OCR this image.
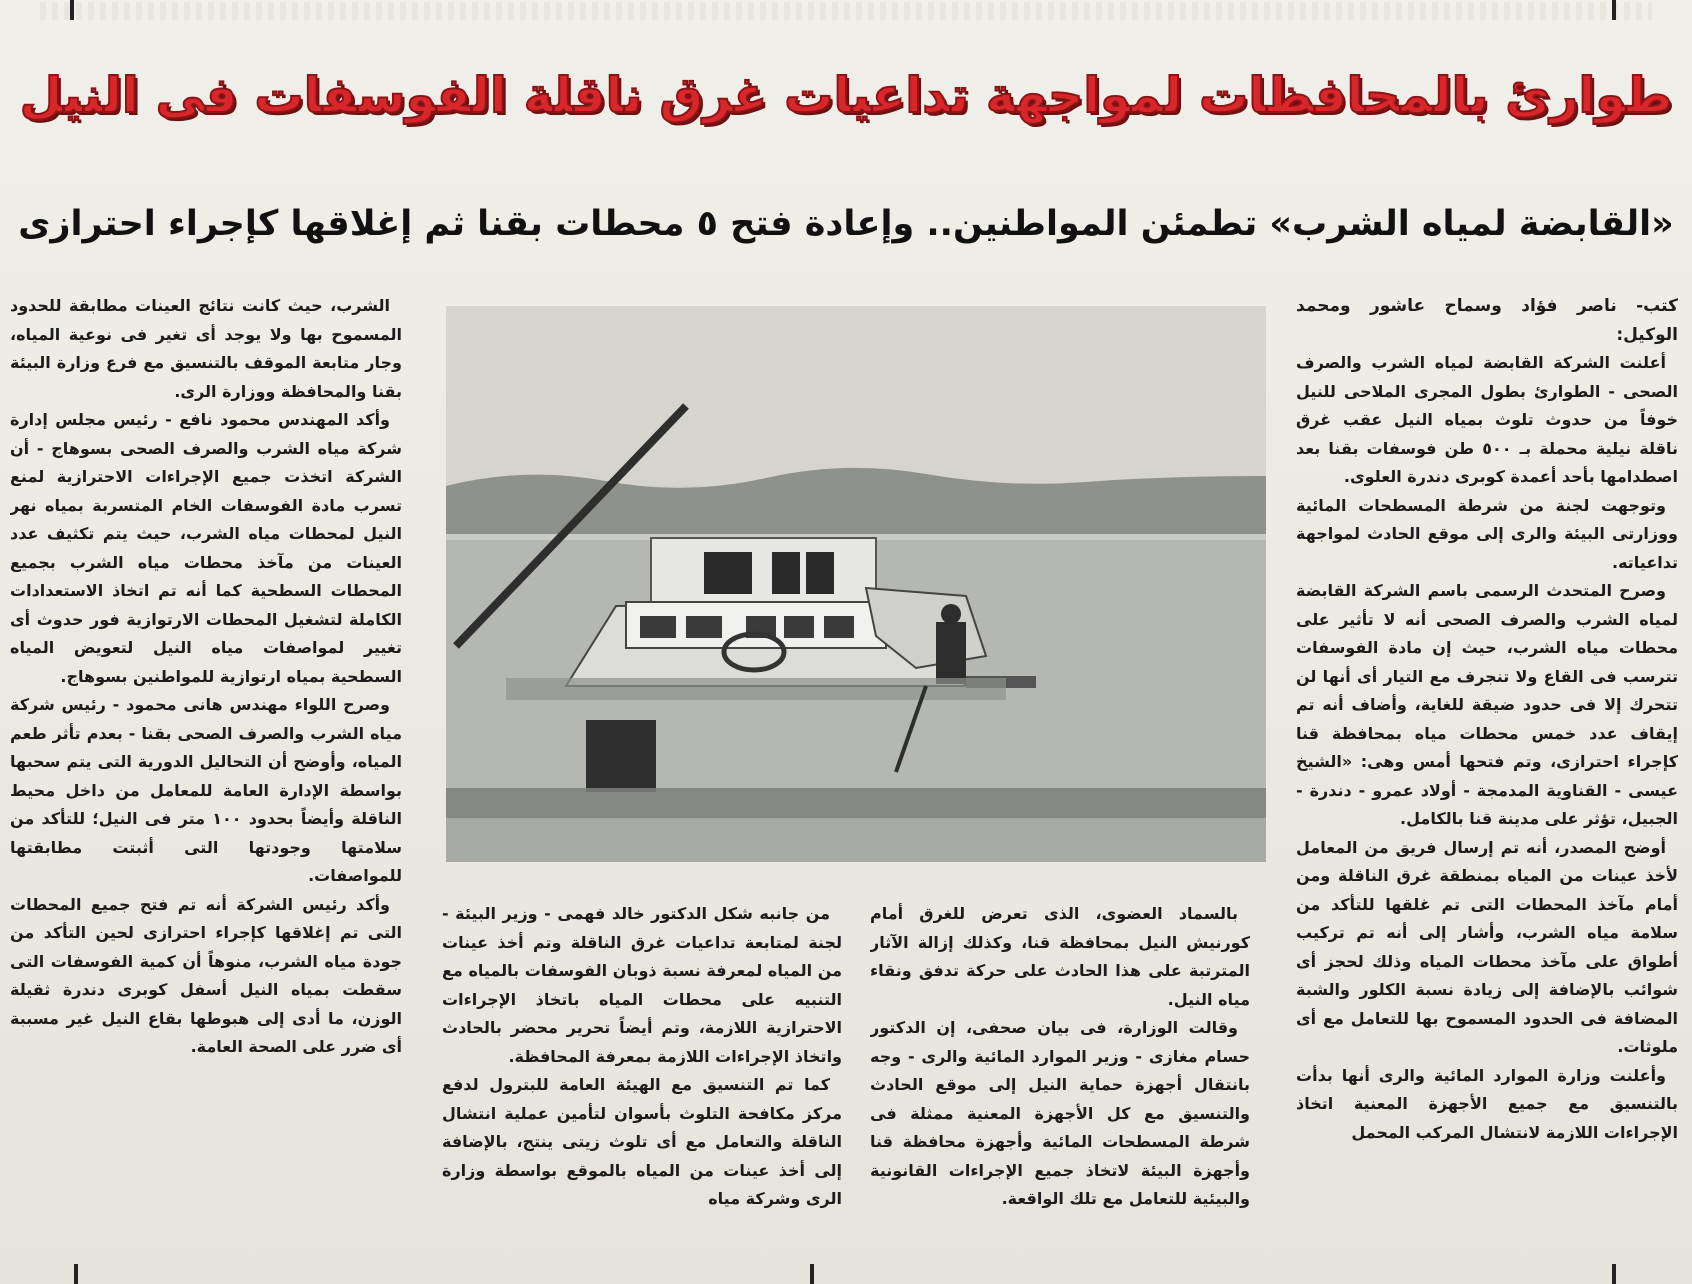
طوارئ بالمحافظات لمواجهة تداعيات غرق ناقلة الفوسفات فى النيل
«القابضة لمياه الشرب» تطمئن المواطنين.. وإعادة فتح ٥ محطات بقنا ثم إغلاقها كإجراء احترازى

كتب- ناصر فؤاد وسماح عاشور ومحمد الوكيل:

أعلنت الشركة القابضة لمياه الشرب والصرف الصحى - الطوارئ بطول المجرى الملاحى للنيل خوفاً من حدوث تلوث بمياه النيل عقب غرق ناقلة نيلية محملة بـ ٥٠٠ طن فوسفات بقنا بعد اصطدامها بأحد أعمدة كوبرى دندرة العلوى.

وتوجهت لجنة من شرطة المسطحات المائية ووزارتى البيئة والرى إلى موقع الحادث لمواجهة تداعياته.

وصرح المتحدث الرسمى باسم الشركة القابضة لمياه الشرب والصرف الصحى أنه لا تأثير على محطات مياه الشرب، حيث إن مادة الفوسفات تترسب فى القاع ولا تنجرف مع التيار أى أنها لن تتحرك إلا فى حدود ضيقة للغاية، وأضاف أنه تم إيقاف عدد خمس محطات مياه بمحافظة قنا كإجراء احترازى، وتم فتحها أمس وهى: «الشيخ عيسى - القناوية المدمجة - أولاد عمرو - دندرة - الجبيل، تؤثر على مدينة قنا بالكامل.

أوضح المصدر، أنه تم إرسال فريق من المعامل لأخذ عينات من المياه بمنطقة غرق الناقلة ومن أمام مآخذ المحطات التى تم غلقها للتأكد من سلامة مياه الشرب، وأشار إلى أنه تم تركيب أطواق على مآخذ محطات المياه وذلك لحجز أى شوائب بالإضافة إلى زيادة نسبة الكلور والشبة المضافة فى الحدود المسموح بها للتعامل مع أى ملوثات.

وأعلنت وزارة الموارد المائية والرى أنها بدأت بالتنسيق مع جميع الأجهزة المعنية اتخاذ الإجراءات اللازمة لانتشال المركب المحمل

بالسماد العضوى، الذى تعرض للغرق أمام كورنيش النيل بمحافظة قنا، وكذلك إزالة الآثار المترتبة على هذا الحادث على حركة تدفق ونقاء مياه النيل.

وقالت الوزارة، فى بيان صحفى، إن الدكتور حسام مغازى - وزير الموارد المائية والرى - وجه بانتقال أجهزة حماية النيل إلى موقع الحادث والتنسيق مع كل الأجهزة المعنية ممثلة فى شرطة المسطحات المائية وأجهزة محافظة قنا وأجهزة البيئة لاتخاذ جميع الإجراءات القانونية والبيئية للتعامل مع تلك الواقعة.

من جانبه شكل الدكتور خالد فهمى - وزير البيئة - لجنة لمتابعة تداعيات غرق الناقلة وتم أخذ عينات من المياه لمعرفة نسبة ذوبان الفوسفات بالمياه مع التنبيه على محطات المياه باتخاذ الإجراءات الاحترازية اللازمة، وتم أيضاً تحرير محضر بالحادث واتخاذ الإجراءات اللازمة بمعرفة المحافظة.

كما تم التنسيق مع الهيئة العامة للبترول لدفع مركز مكافحة التلوث بأسوان لتأمين عملية انتشال الناقلة والتعامل مع أى تلوث زيتى ينتج، بالإضافة إلى أخذ عينات من المياه بالموقع بواسطة وزارة الرى وشركة مياه

الشرب، حيث كانت نتائج العينات مطابقة للحدود المسموح بها ولا يوجد أى تغير فى نوعية المياه، وجار متابعة الموقف بالتنسيق مع فرع وزارة البيئة بقنا والمحافظة ووزارة الرى.

وأكد المهندس محمود نافع - رئيس مجلس إدارة شركة مياه الشرب والصرف الصحى بسوهاج - أن الشركة اتخذت جميع الإجراءات الاحترازية لمنع تسرب مادة الفوسفات الخام المتسربة بمياه نهر النيل لمحطات مياه الشرب، حيث يتم تكثيف عدد العينات من مآخذ محطات مياه الشرب بجميع المحطات السطحية كما أنه تم اتخاذ الاستعدادات الكاملة لتشغيل المحطات الارتوازية فور حدوث أى تغيير لمواصفات مياه النيل لتعويض المياه السطحية بمياه ارتوازية للمواطنين بسوهاج.

وصرح اللواء مهندس هانى محمود - رئيس شركة مياه الشرب والصرف الصحى بقنا - بعدم تأثر طعم المياه، وأوضح أن التحاليل الدورية التى يتم سحبها بواسطة الإدارة العامة للمعامل من داخل محيط الناقلة وأيضاً بحدود ١٠٠ متر فى النيل؛ للتأكد من سلامتها وجودتها التى أثبتت مطابقتها للمواصفات.

وأكد رئيس الشركة أنه تم فتح جميع المحطات التى تم إغلاقها كإجراء احترازى لحين التأكد من جودة مياه الشرب، منوهاً أن كمية الفوسفات التى سقطت بمياه النيل أسفل كوبرى دندرة ثقيلة الوزن، ما أدى إلى هبوطها بقاع النيل غير مسببة أى ضرر على الصحة العامة.
